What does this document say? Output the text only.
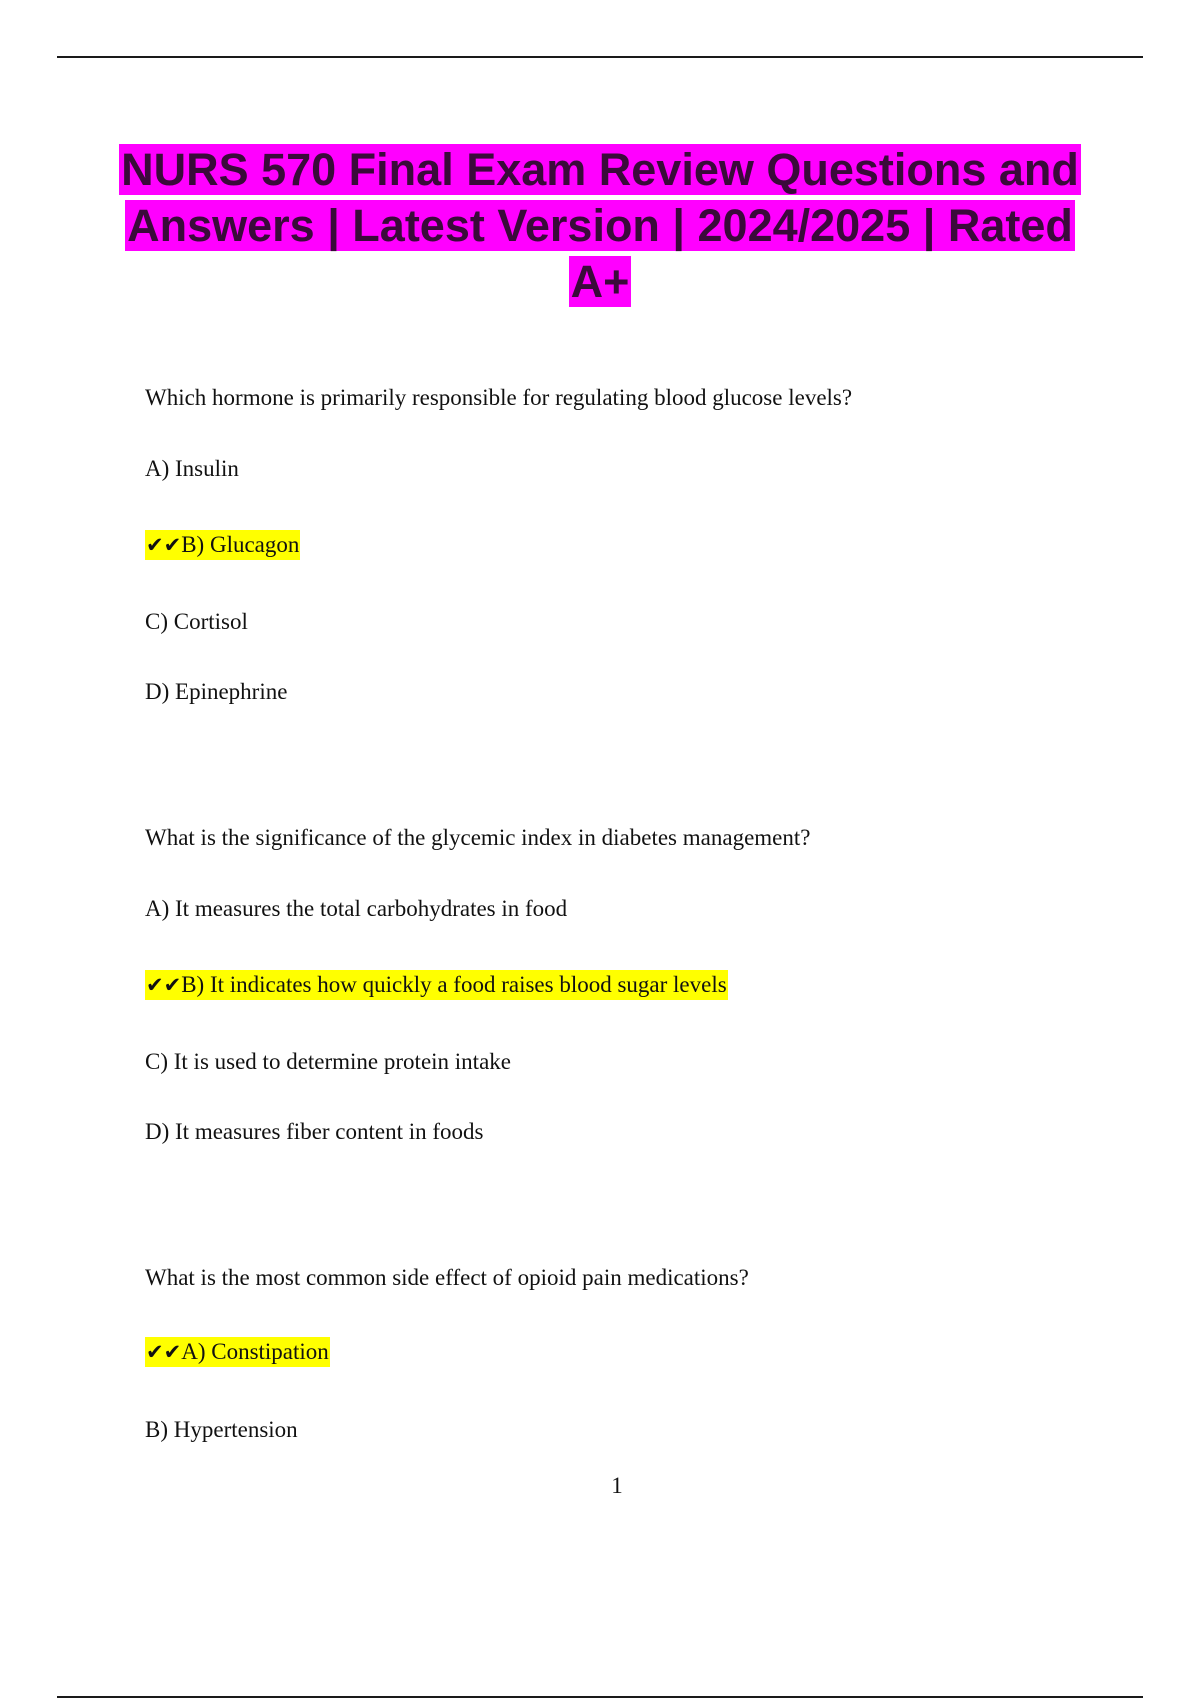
NURS 570 Final Exam Review Questions and Answers | Latest Version | 2024/2025 | Rated A+
Which hormone is primarily responsible for regulating blood glucose levels?
A) Insulin
✔✔B) Glucagon
C) Cortisol
D) Epinephrine
What is the significance of the glycemic index in diabetes management?
A) It measures the total carbohydrates in food
✔✔B) It indicates how quickly a food raises blood sugar levels
C) It is used to determine protein intake
D) It measures fiber content in foods
What is the most common side effect of opioid pain medications?
✔✔A) Constipation
B) Hypertension
1
